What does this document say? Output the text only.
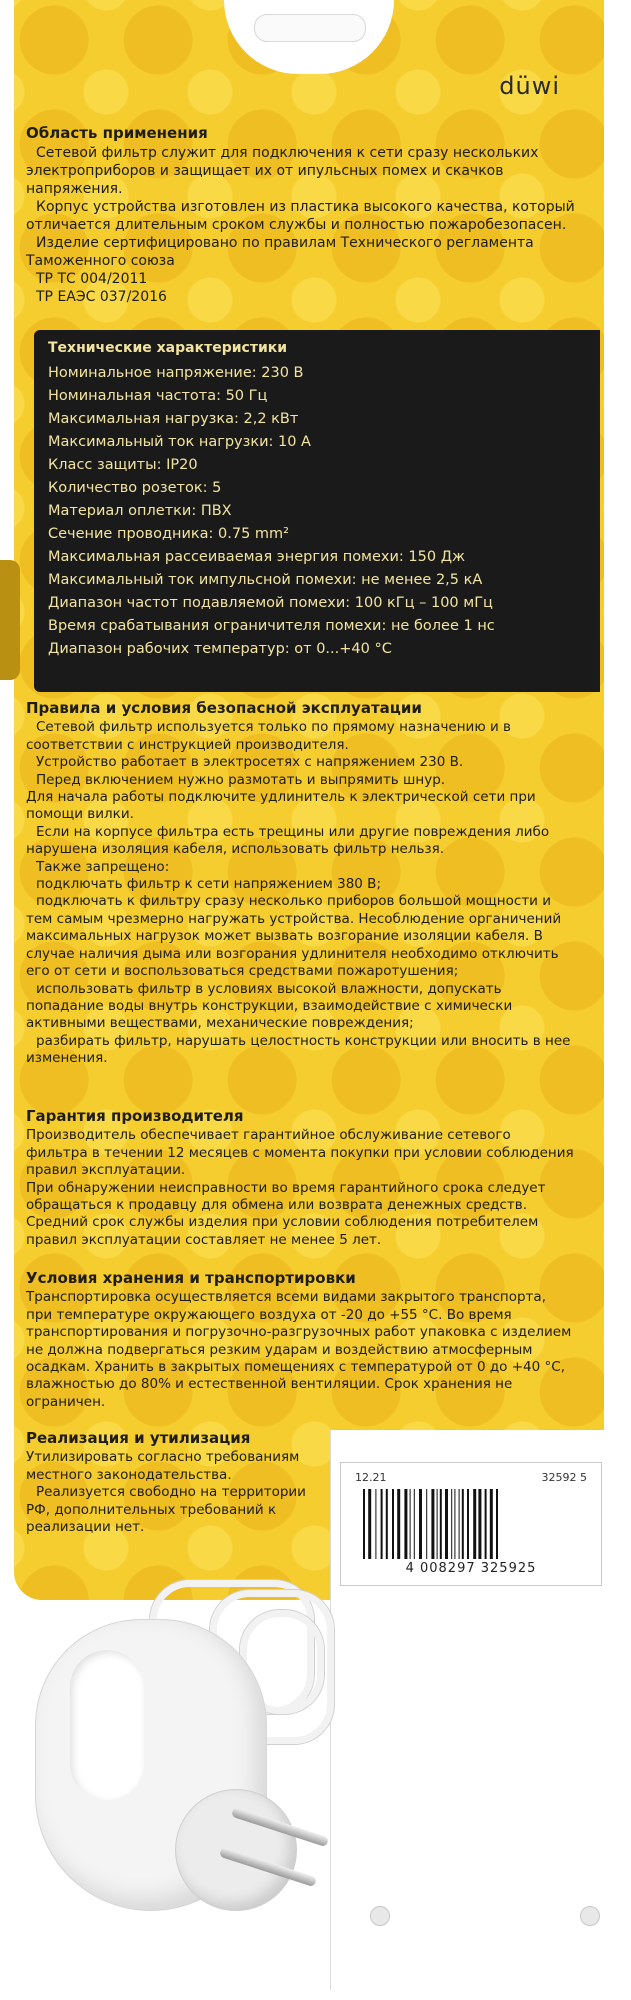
düwi
Область применения

Сетевой фильтр служит для подключения к сети сразу нескольких электроприборов и защищает их от ипульсных помех и скачков напряжения.

Корпус устройства изготовлен из пластика высокого качества, который отличается длительным сроком службы и полностью пожаробезопасен.

Изделие сертифицировано по правилам Технического регламента Таможенного союза

ТР ТС 004/2011

ТР ЕАЭС 037/2016

Технические характеристики
Номинальное напряжение: 230 В
Номинальная частота: 50 Гц
Максимальная нагрузка: 2,2 кВт
Максимальный ток нагрузки: 10 А
Класс защиты: IP20
Количество розеток: 5
Материал оплетки: ПВХ
Сечение проводника: 0.75 mm²
Максимальная рассеиваемая энергия помехи: 150 Дж
Максимальный ток импульсной помехи: не менее 2,5 кА
Диапазон частот подавляемой помехи: 100 кГц – 100 мГц
Время срабатывания ограничителя помехи: не более 1 нс
Диапазон рабочих температур: от 0...+40 °С
Правила и условия безопасной эксплуатации

Сетевой фильтр используется только по прямому назначению и в соответствии с инструкцией производителя.

Устройство работает в электросетях с напряжением 230 В.

Перед включением нужно размотать и выпрямить шнур.

Для начала работы подключите удлинитель к электрической сети при помощи вилки.

Если на корпусе фильтра есть трещины или другие повреждения либо нарушена изоляция кабеля, использовать фильтр нельзя.

Также запрещено:

подключать фильтр к сети напряжением 380 В;

подключать к фильтру сразу несколько приборов большой мощности и тем самым чрезмерно нагружать устройства. Несоблюдение органичений максимальных нагрузок может вызвать возгорание изоляции кабеля. В случае наличия дыма или возгорания удлинителя необходимо отключить его от сети и воспользоваться средствами пожаротушения;

использовать фильтр в условиях высокой влажности, допускать попадание воды внутрь конструкции, взаимодействие с химически активными веществами, механические повреждения;

разбирать фильтр, нарушать целостность конструкции или вносить в нее изменения.

Гарантия производителя

Производитель обеспечивает гарантийное обслуживание сетевого фильтра в течении 12 месяцев с момента покупки при условии соблюдения правил эксплуатации.

При обнаружении неисправности во время гарантийного срока следует обращаться к продавцу для обмена или возврата денежных средств.

Средний срок службы изделия при условии соблюдения потребителем правил эксплуатации составляет не менее 5 лет.

Условия хранения и транспортировки

Транспортировка осуществляется всеми видами закрытого транспорта, при температуре окружающего воздуха от -20 до +55 °С. Во время транспортирования и погрузочно-разгрузочных работ упаковка с изделием не должна подвергаться резким ударам и воздействию атмосферным осадкам. Хранить в закрытых помещениях с температурой от 0 до +40 °С, влажностью до 80% и естественной вентиляции. Срок хранения не ограничен.

Реализация и утилизация

Утилизировать согласно требованиям местного законодательства.

Реализуется свободно на территории РФ, дополнительных требований к реализации нет.

12.21	32592 5
4 008297 325925
